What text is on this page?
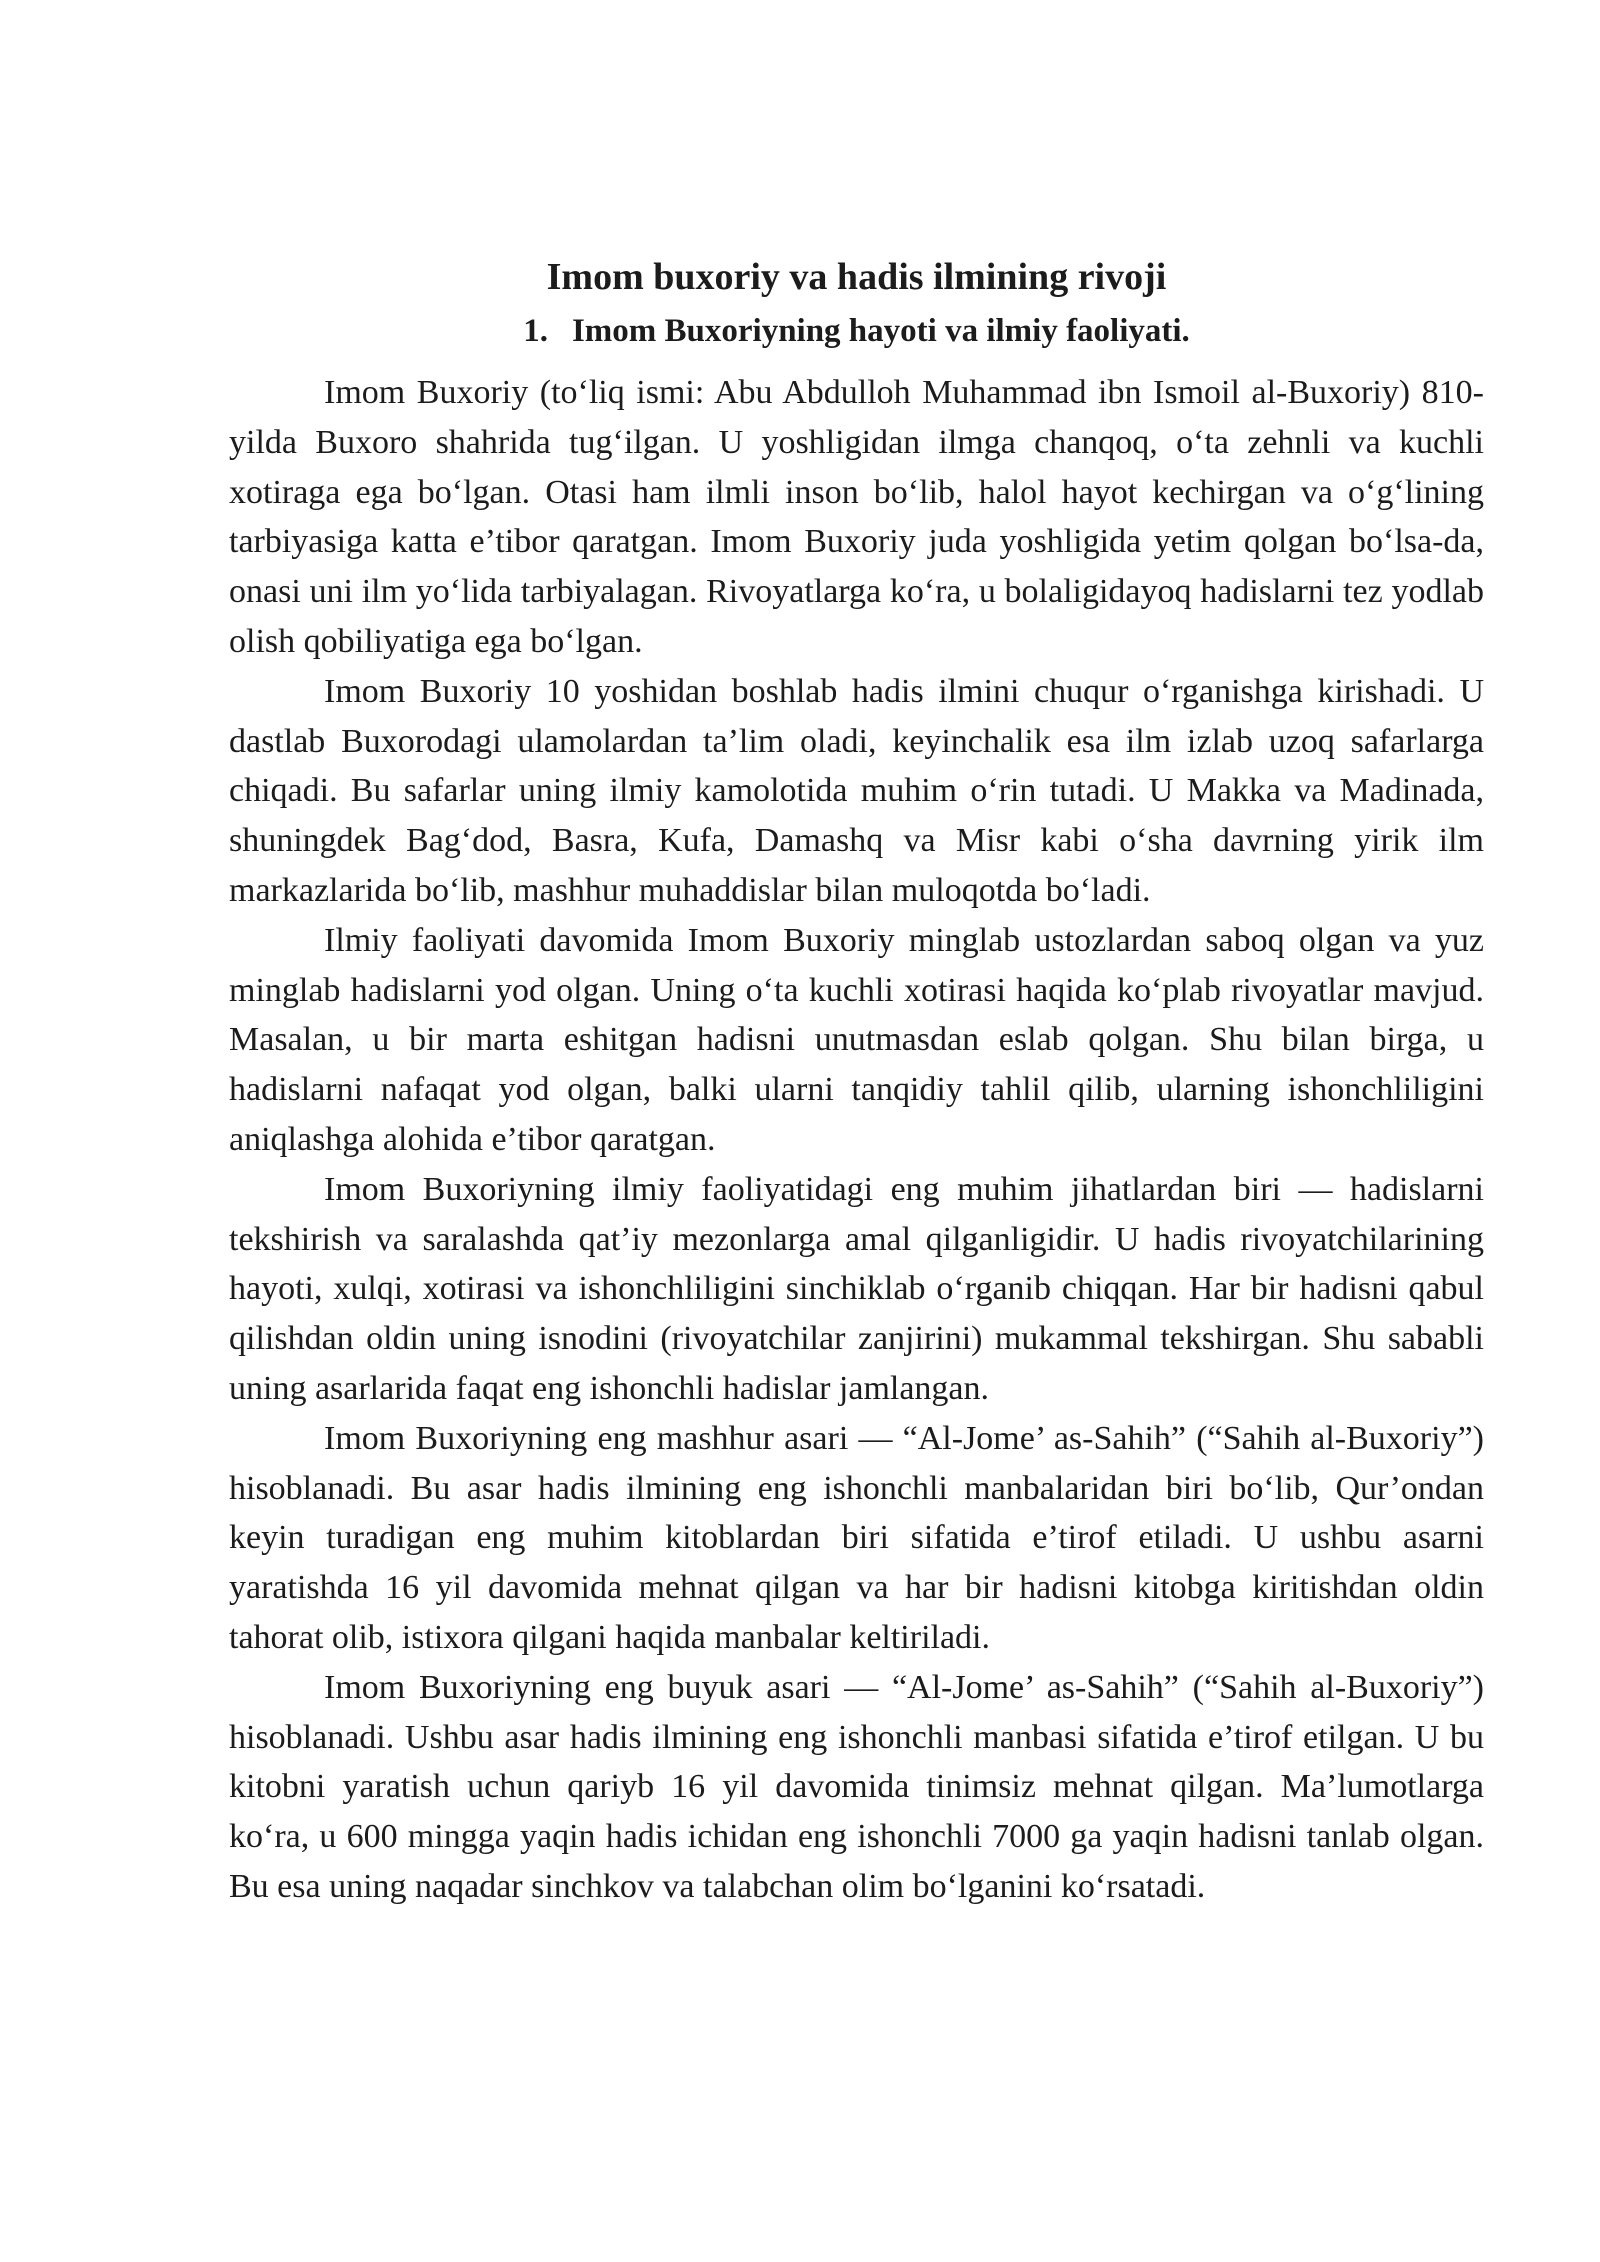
Imom buxoriy va hadis ilmining rivoji
1. Imom Buxoriyning hayoti va ilmiy faoliyati.

Imom Buxoriy (to‘liq ismi: Abu Abdulloh Muhammad ibn Ismoil al-Buxoriy) 810-yilda Buxoro shahrida tug‘ilgan. U yoshligidan ilmga chanqoq, o‘ta zehnli va kuchli xotiraga ega bo‘lgan. Otasi ham ilmli inson bo‘lib, halol hayot kechirgan va o‘g‘lining tarbiyasiga katta e’tibor qaratgan. Imom Buxoriy juda yoshligida yetim qolgan bo‘lsa-da, onasi uni ilm yo‘lida tarbiyalagan. Rivoyatlarga ko‘ra, u bolaligidayoq hadislarni tez yodlab olish qobiliyatiga ega bo‘lgan.

Imom Buxoriy 10 yoshidan boshlab hadis ilmini chuqur o‘rganishga kirishadi. U dastlab Buxorodagi ulamolardan ta’lim oladi, keyinchalik esa ilm izlab uzoq safarlarga chiqadi. Bu safarlar uning ilmiy kamolotida muhim o‘rin tutadi. U Makka va Madinada, shuningdek Bag‘dod, Basra, Kufa, Damashq va Misr kabi o‘sha davrning yirik ilm markazlarida bo‘lib, mashhur muhaddislar bilan muloqotda bo‘ladi.

Ilmiy faoliyati davomida Imom Buxoriy minglab ustozlardan saboq olgan va yuz minglab hadislarni yod olgan. Uning o‘ta kuchli xotirasi haqida ko‘plab rivoyatlar mavjud. Masalan, u bir marta eshitgan hadisni unutmasdan eslab qolgan. Shu bilan birga, u hadislarni nafaqat yod olgan, balki ularni tanqidiy tahlil qilib, ularning ishonchliligini aniqlashga alohida e’tibor qaratgan.

Imom Buxoriyning ilmiy faoliyatidagi eng muhim jihatlardan biri — hadislarni tekshirish va saralashda qat’iy mezonlarga amal qilganligidir. U hadis rivoyatchilarining hayoti, xulqi, xotirasi va ishonchliligini sinchiklab o‘rganib chiqqan. Har bir hadisni qabul qilishdan oldin uning isnodini (rivoyatchilar zanjirini) mukammal tekshirgan. Shu sababli uning asarlarida faqat eng ishonchli hadislar jamlangan.

Imom Buxoriyning eng mashhur asari — “Al-Jome’ as-Sahih” (“Sahih al-Buxoriy”) hisoblanadi. Bu asar hadis ilmining eng ishonchli manbalaridan biri bo‘lib, Qur’ondan keyin turadigan eng muhim kitoblardan biri sifatida e’tirof etiladi. U ushbu asarni yaratishda 16 yil davomida mehnat qilgan va har bir hadisni kitobga kiritishdan oldin tahorat olib, istixora qilgani haqida manbalar keltiriladi.

Imom Buxoriyning eng buyuk asari — “Al-Jome’ as-Sahih” (“Sahih al-Buxoriy”) hisoblanadi. Ushbu asar hadis ilmining eng ishonchli manbasi sifatida e’tirof etilgan. U bu kitobni yaratish uchun qariyb 16 yil davomida tinimsiz mehnat qilgan. Ma’lumotlarga ko‘ra, u 600 mingga yaqin hadis ichidan eng ishonchli 7000 ga yaqin hadisni tanlab olgan. Bu esa uning naqadar sinchkov va talabchan olim bo‘lganini ko‘rsatadi.
